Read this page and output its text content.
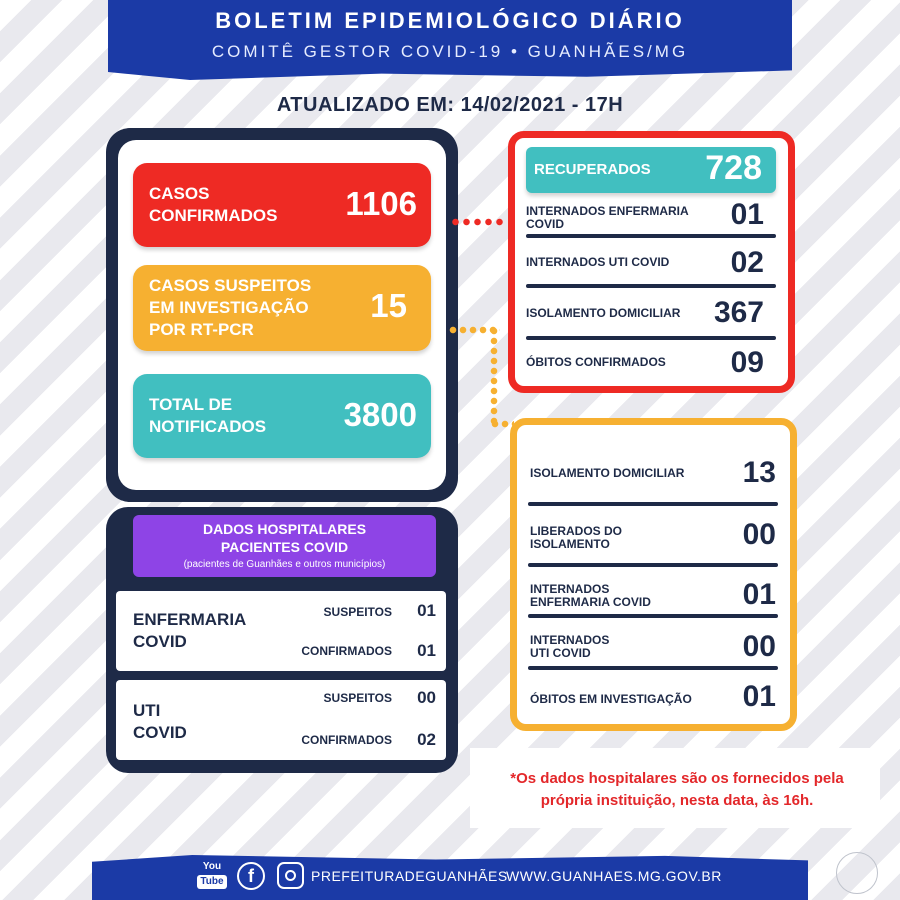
BOLETIM EPIDEMIOLÓGICO DIÁRIO
COMITÊ GESTOR COVID-19 • GUANHÃES/MG
ATUALIZADO EM: 14/02/2021 - 17H
CASOS
CONFIRMADOS 1106
CASOS SUSPEITOS
EM INVESTIGAÇÃO
POR RT-PCR
15
TOTAL DE
NOTIFICADOS 3800
RECUPERADOS 728
INTERNADOS ENFERMARIA
COVID	01
INTERNADOS UTI COVID	02
ISOLAMENTO DOMICILIAR	367
ÓBITOS CONFIRMADOS	09
ISOLAMENTO DOMICILIAR	13
LIBERADOS DO
ISOLAMENTO	00
INTERNADOS
ENFERMARIA COVID	01
INTERNADOS
UTI COVID	00
ÓBITOS EM INVESTIGAÇÃO	01
DADOS HOSPITALARES
PACIENTES COVID
(pacientes de Guanhães e outros municípios)
ENFERMARIA
COVID
SUSPEITOS 01
CONFIRMADOS 01
UTI
COVID
SUSPEITOS 00
CONFIRMADOS 02
*Os dados hospitalares são os fornecidos pela
própria instituição, nesta data, às 16h.
You
Tube	f	PREFEITURADEGUANHÃES
WWW.GUANHAES.MG.GOV.BR
